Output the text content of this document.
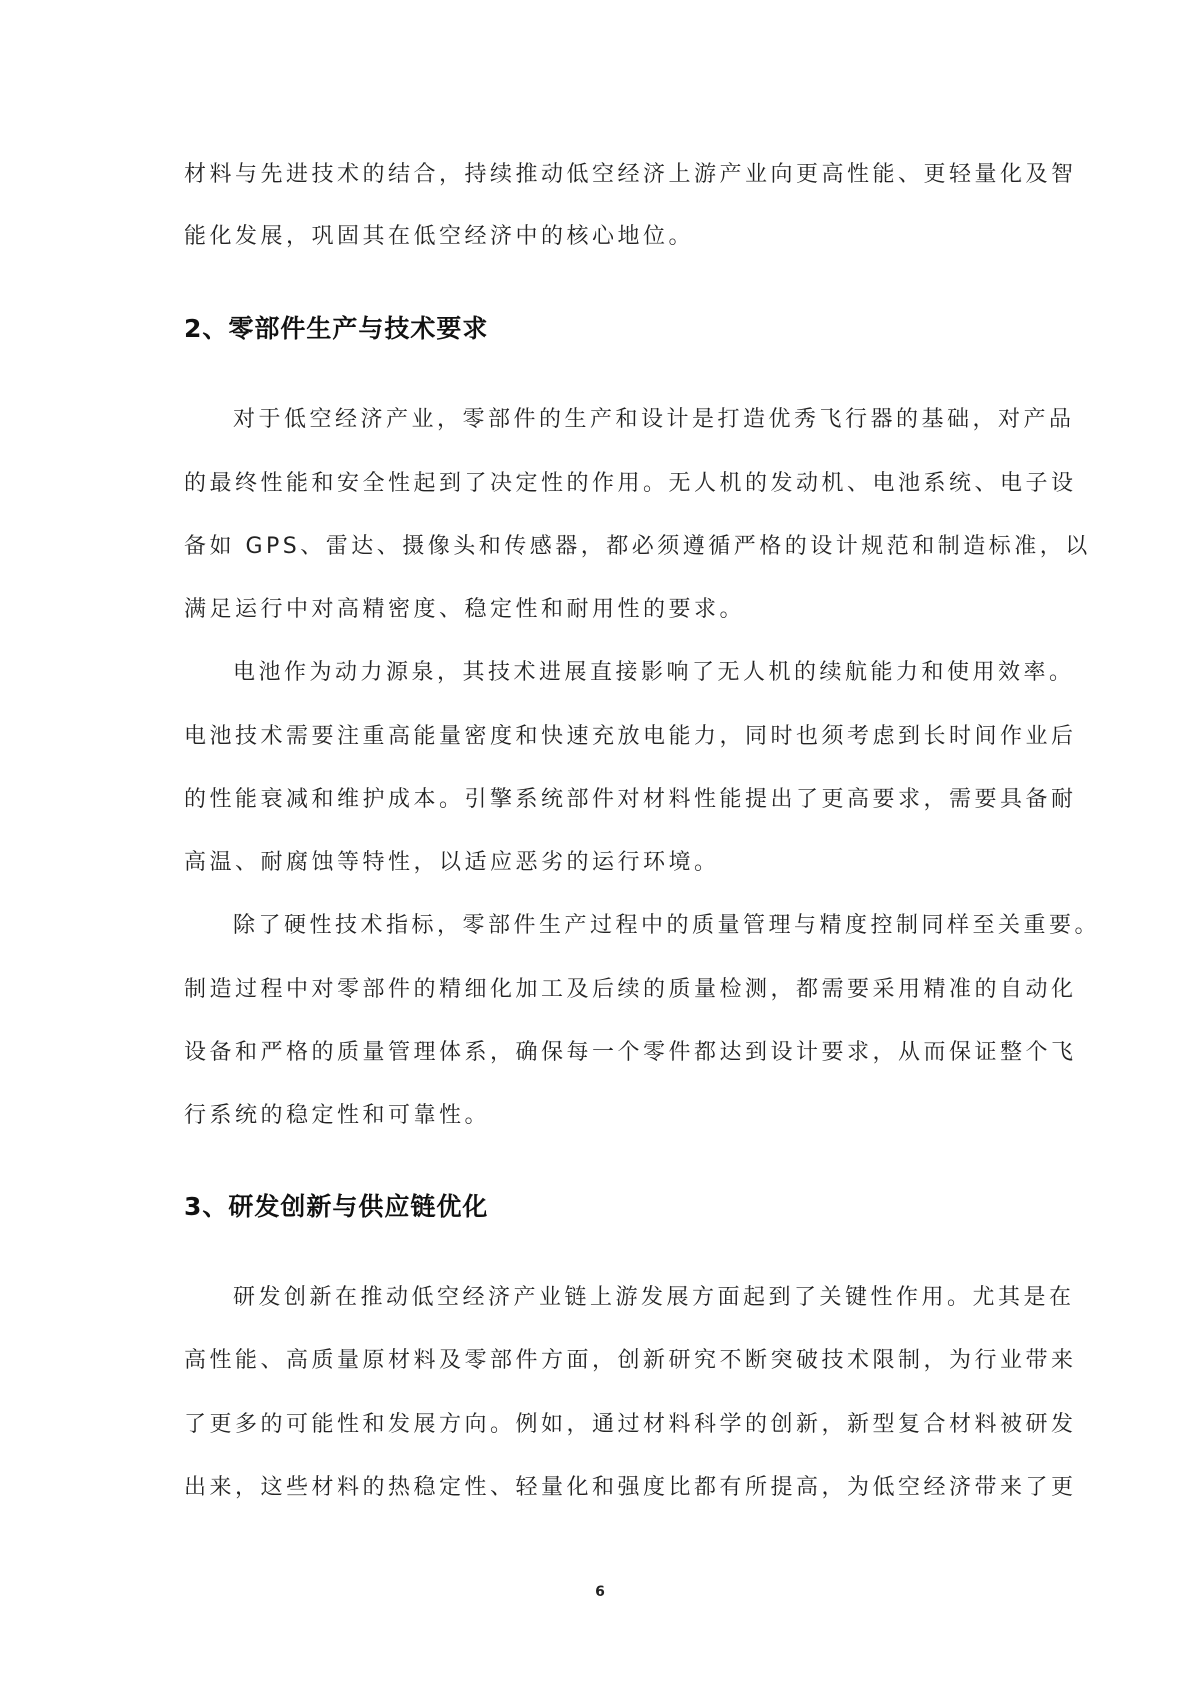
材料与先进技术的结合，持续推动低空经济上游产业向更高性能、更轻量化及智
能化发展，巩固其在低空经济中的核心地位。
2、零部件生产与技术要求
对于低空经济产业，零部件的生产和设计是打造优秀飞行器的基础，对产品
的最终性能和安全性起到了决定性的作用。无人机的发动机、电池系统、电子设
备如 GPS、雷达、摄像头和传感器，都必须遵循严格的设计规范和制造标准，以
满足运行中对高精密度、稳定性和耐用性的要求。
电池作为动力源泉，其技术进展直接影响了无人机的续航能力和使用效率。
电池技术需要注重高能量密度和快速充放电能力，同时也须考虑到长时间作业后
的性能衰减和维护成本。引擎系统部件对材料性能提出了更高要求，需要具备耐
高温、耐腐蚀等特性，以适应恶劣的运行环境。
除了硬性技术指标，零部件生产过程中的质量管理与精度控制同样至关重要。
制造过程中对零部件的精细化加工及后续的质量检测，都需要采用精准的自动化
设备和严格的质量管理体系，确保每一个零件都达到设计要求，从而保证整个飞
行系统的稳定性和可靠性。
3、研发创新与供应链优化
研发创新在推动低空经济产业链上游发展方面起到了关键性作用。尤其是在
高性能、高质量原材料及零部件方面，创新研究不断突破技术限制，为行业带来
了更多的可能性和发展方向。例如，通过材料科学的创新，新型复合材料被研发
出来，这些材料的热稳定性、轻量化和强度比都有所提高，为低空经济带来了更
6
